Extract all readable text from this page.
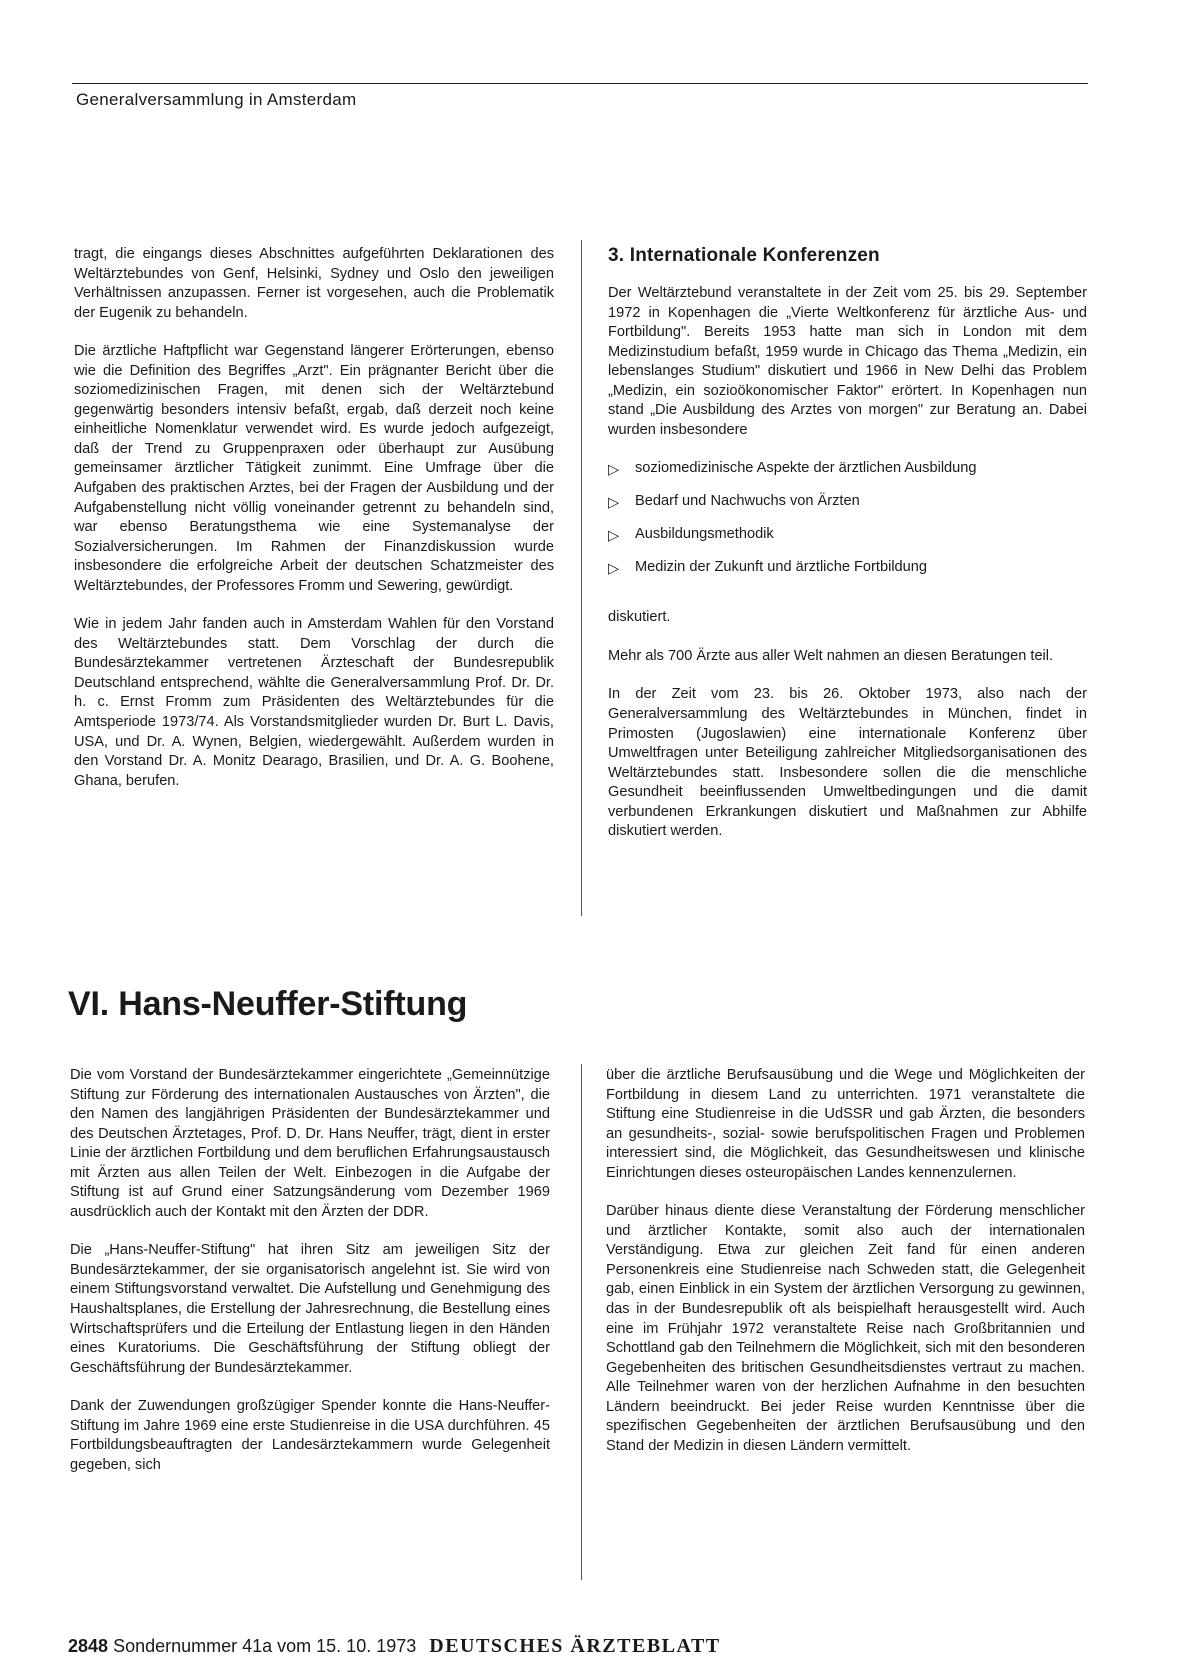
Generalversammlung in Amsterdam

tragt, die eingangs dieses Abschnittes aufgeführten Deklarationen des Weltärztebundes von Genf, Helsinki, Sydney und Oslo den jeweiligen Verhältnissen anzupassen. Ferner ist vorgesehen, auch die Problematik der Eugenik zu behandeln.

Die ärztliche Haftpflicht war Gegenstand längerer Erörterungen, ebenso wie die Definition des Begriffes „Arzt". Ein prägnanter Bericht über die soziomedizinischen Fragen, mit denen sich der Weltärztebund gegenwärtig besonders intensiv befaßt, ergab, daß derzeit noch keine einheitliche Nomenklatur verwendet wird. Es wurde jedoch aufgezeigt, daß der Trend zu Gruppenpraxen oder überhaupt zur Ausübung gemeinsamer ärztlicher Tätigkeit zunimmt. Eine Umfrage über die Aufgaben des praktischen Arztes, bei der Fragen der Ausbildung und der Aufgabenstellung nicht völlig voneinander getrennt zu behandeln sind, war ebenso Beratungsthema wie eine Systemanalyse der Sozialversicherungen. Im Rahmen der Finanzdiskussion wurde insbesondere die erfolgreiche Arbeit der deutschen Schatzmeister des Weltärztebundes, der Professores Fromm und Sewering, gewürdigt.

Wie in jedem Jahr fanden auch in Amsterdam Wahlen für den Vorstand des Weltärztebundes statt. Dem Vorschlag der durch die Bundesärztekammer vertretenen Ärzteschaft der Bundesrepublik Deutschland entsprechend, wählte die Generalversammlung Prof. Dr. Dr. h. c. Ernst Fromm zum Präsidenten des Weltärztebundes für die Amtsperiode 1973/74. Als Vorstandsmitglieder wurden Dr. Burt L. Davis, USA, und Dr. A. Wynen, Belgien, wiedergewählt. Außerdem wurden in den Vorstand Dr. A. Monitz Dearago, Brasilien, und Dr. A. G. Boohene, Ghana, berufen.

3. Internationale Konferenzen

Der Weltärztebund veranstaltete in der Zeit vom 25. bis 29. September 1972 in Kopenhagen die „Vierte Weltkonferenz für ärztliche Aus- und Fortbildung". Bereits 1953 hatte man sich in London mit dem Medizinstudium befaßt, 1959 wurde in Chicago das Thema „Medizin, ein lebenslanges Studium" diskutiert und 1966 in New Delhi das Problem „Medizin, ein sozioökonomischer Faktor" erörtert. In Kopenhagen nun stand „Die Ausbildung des Arztes von morgen" zur Beratung an. Dabei wurden insbesondere

▷ soziomedizinische Aspekte der ärztlichen Ausbildung
▷ Bedarf und Nachwuchs von Ärzten
▷ Ausbildungsmethodik
▷ Medizin der Zukunft und ärztliche Fortbildung

diskutiert.

Mehr als 700 Ärzte aus aller Welt nahmen an diesen Beratungen teil.

In der Zeit vom 23. bis 26. Oktober 1973, also nach der Generalversammlung des Weltärztebundes in München, findet in Primosten (Jugoslawien) eine internationale Konferenz über Umweltfragen unter Beteiligung zahlreicher Mitgliedsorganisationen des Weltärztebundes statt. Insbesondere sollen die die menschliche Gesundheit beeinflussenden Umweltbedingungen und die damit verbundenen Erkrankungen diskutiert und Maßnahmen zur Abhilfe diskutiert werden.

VI. Hans-Neuffer-Stiftung

Die vom Vorstand der Bundesärztekammer eingerichtete „Gemeinnützige Stiftung zur Förderung des internationalen Austausches von Ärzten", die den Namen des langjährigen Präsidenten der Bundesärztekammer und des Deutschen Ärztetages, Prof. D. Dr. Hans Neuffer, trägt, dient in erster Linie der ärztlichen Fortbildung und dem beruflichen Erfahrungsaustausch mit Ärzten aus allen Teilen der Welt. Einbezogen in die Aufgabe der Stiftung ist auf Grund einer Satzungsänderung vom Dezember 1969 ausdrücklich auch der Kontakt mit den Ärzten der DDR.

Die „Hans-Neuffer-Stiftung" hat ihren Sitz am jeweiligen Sitz der Bundesärztekammer, der sie organisatorisch angelehnt ist. Sie wird von einem Stiftungsvorstand verwaltet. Die Aufstellung und Genehmigung des Haushaltsplanes, die Erstellung der Jahresrechnung, die Bestellung eines Wirtschaftsprüfers und die Erteilung der Entlastung liegen in den Händen eines Kuratoriums. Die Geschäftsführung der Stiftung obliegt der Geschäftsführung der Bundesärztekammer.

Dank der Zuwendungen großzügiger Spender konnte die Hans-Neuffer-Stiftung im Jahre 1969 eine erste Studienreise in die USA durchführen. 45 Fortbildungsbeauftragten der Landesärztekammern wurde Gelegenheit gegeben, sich

über die ärztliche Berufsausübung und die Wege und Möglichkeiten der Fortbildung in diesem Land zu unterrichten. 1971 veranstaltete die Stiftung eine Studienreise in die UdSSR und gab Ärzten, die besonders an gesundheits-, sozial- sowie berufspolitischen Fragen und Problemen interessiert sind, die Möglichkeit, das Gesundheitswesen und klinische Einrichtungen dieses osteuropäischen Landes kennenzulernen.

Darüber hinaus diente diese Veranstaltung der Förderung menschlicher und ärztlicher Kontakte, somit also auch der internationalen Verständigung. Etwa zur gleichen Zeit fand für einen anderen Personenkreis eine Studienreise nach Schweden statt, die Gelegenheit gab, einen Einblick in ein System der ärztlichen Versorgung zu gewinnen, das in der Bundesrepublik oft als beispielhaft herausgestellt wird. Auch eine im Frühjahr 1972 veranstaltete Reise nach Großbritannien und Schottland gab den Teilnehmern die Möglichkeit, sich mit den besonderen Gegebenheiten des britischen Gesundheitsdienstes vertraut zu machen. Alle Teilnehmer waren von der herzlichen Aufnahme in den besuchten Ländern beeindruckt. Bei jeder Reise wurden Kenntnisse über die spezifischen Gegebenheiten der ärztlichen Berufsausübung und den Stand der Medizin in diesen Ländern vermittelt.

2848 Sondernummer 41a vom 15. 10. 1973 DEUTSCHES ÄRZTEBLATT
